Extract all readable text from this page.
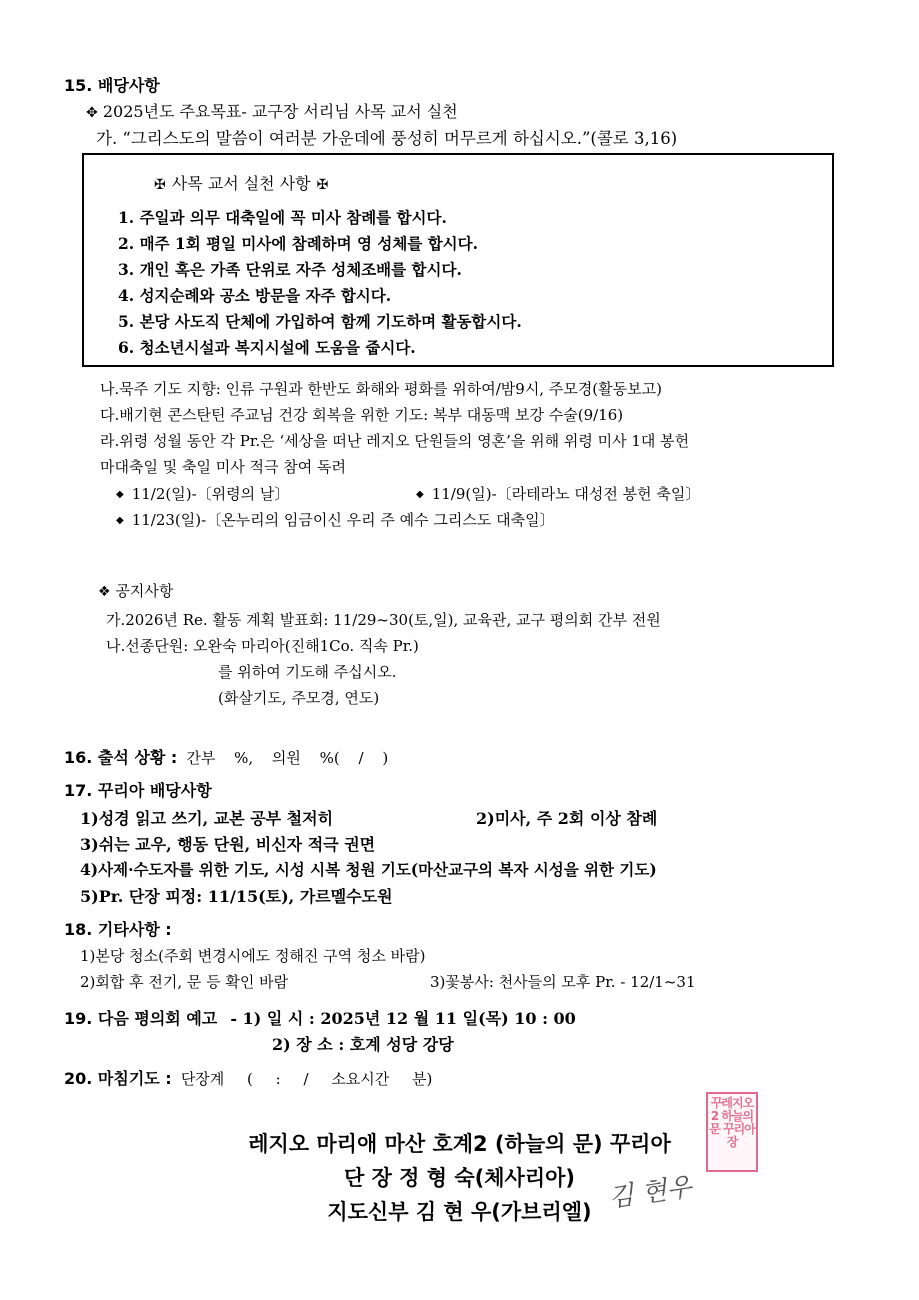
15. 배당사항
✥ 2025년도 주요목표- 교구장 서리님 사목 교서 실천
가. “그리스도의 말씀이 여러분 가운데에 풍성히 머무르게 하십시오.”(콜로 3,16)
✠ 사목 교서 실천 사항 ✠
1. 주일과 의무 대축일에 꼭 미사 참례를 합시다.
2. 매주 1회 평일 미사에 참례하며 영 성체를 합시다.
3. 개인 혹은 가족 단위로 자주 성체조배를 합시다.
4. 성지순례와 공소 방문을 자주 합시다.
5. 본당 사도직 단체에 가입하여 함께 기도하며 활동합시다.
6. 청소년시설과 복지시설에 도움을 줍시다.
나.묵주 기도 지향: 인류 구원과 한반도 화해와 평화를 위하여/밤9시, 주모경(활동보고)
다.배기현 콘스탄틴 주교님 건강 회복을 위한 기도: 복부 대동맥 보강 수술(9/16)
라.위령 성월 동안 각 Pr.은 ‘세상을 떠난 레지오 단원들의 영혼’을 위해 위령 미사 1대 봉헌
마대축일 및 축일 미사 적극 참여 독려
◆ 11/2(일)-〔위령의 날〕	◆ 11/9(일)-〔라테라노 대성전 봉헌 축일〕
◆ 11/23(일)-〔온누리의 임금이신 우리 주 예수 그리스도 대축일〕
❖ 공지사항
가.2026년 Re. 활동 계획 발표회: 11/29~30(토,일), 교육관, 교구 평의회 간부 전원
나.선종단원: 오완숙 마리아(진해1Co. 직속 Pr.)
를 위하여 기도해 주십시오.
(화살기도, 주모경, 연도)
16. 출석 상황 : 간부 %, 의원 %( / )
17. 꾸리아 배당사항
1)성경 읽고 쓰기, 교본 공부 철저히	2)미사, 주 2회 이상 참례
3)쉬는 교우, 행동 단원, 비신자 적극 권면
4)사제·수도자를 위한 기도, 시성 시복 청원 기도(마산교구의 복자 시성을 위한 기도)
5)Pr. 단장 피정: 11/15(토), 가르멜수도원
18. 기타사항 :
1)본당 청소(주회 변경시에도 정해진 구역 청소 바람)
2)회합 후 전기, 문 등 확인 바람	3)꽃봉사: 천사들의 모후 Pr. - 12/1~31
19. 다음 평의회 예고 - 1) 일 시 : 2025년 12 월 11 일(목) 10 : 00
2) 장 소 : 호계 성당 강당
20. 마침기도 : 단장계 ( : / 소요시간 분)
레지오 마리애 마산 호계2 (하늘의 문) 꾸리아
단 장 정 형 숙(체사리아)
지도신부 김 현 우(가브리엘)
꾸레지오2 하늘의문 꾸리아장
김 현우
